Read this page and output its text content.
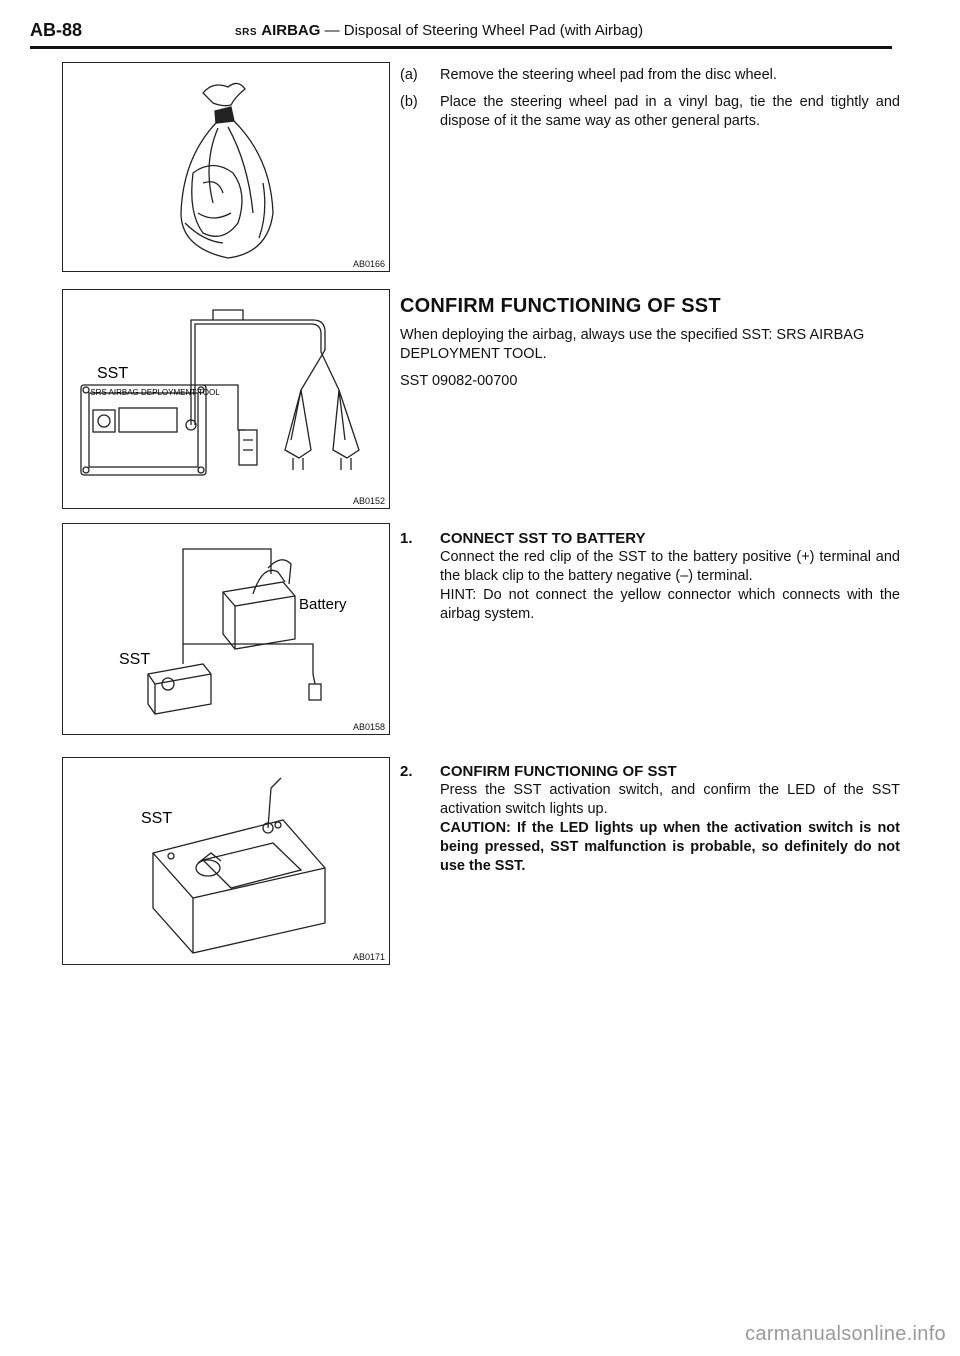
AB-88	SRS AIRBAG — Disposal of Steering Wheel Pad (with Airbag)
AB0166
SRS AIRBAG DEPLOYMENT TOOL
SST
AB0152
Battery
SST
AB0158
SST
AB0171
(a) Remove the steering wheel pad from the disc wheel.

(b) Place the steering wheel pad in a vinyl bag, tie the end tightly and dispose of it the same way as other general parts.

CONFIRM FUNCTIONING OF SST

When deploying the airbag, always use the specified SST: SRS AIRBAG DEPLOYMENT TOOL.

SST 09082-00700

1. CONNECT SST TO BATTERY

Connect the red clip of the SST to the battery positive (+) terminal and the black clip to the battery negative (–) terminal.

HINT: Do not connect the yellow connector which connects with the airbag system.

2. CONFIRM FUNCTIONING OF SST

Press the SST activation switch, and confirm the LED of the SST activation switch lights up.

CAUTION: If the LED lights up when the activation switch is not being pressed, SST malfunction is probable, so definitely do not use the SST.

carmanualsonline.info
